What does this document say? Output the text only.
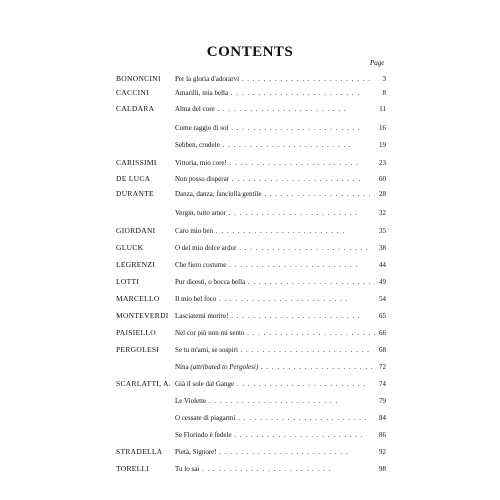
CONTENTS
Page
BONONCINI Per la gloria d'adorarvi . .	3
CACCINI	Amarilli, mia bella . .	8
CALDARA	Alma del core . .	11
Come raggio di sol . .	16
Sebben, crudele . .	19
CARISSIMI	Vittoria, mio core! . .	23
DE LUCA	Non posso disperar . .	60
DURANTE	Danza, danza, fanciulla gentile . .	28
Vergin, tutto amor . .	32
GIORDANI	Caro mio ben . .	35
GLUCK	O del mio dolce ardor . .	38
LEGRENZI	Che fiero costume . .	44
LOTTI	Pur dicesti, o bocca bella . .	49
MARCELLO Il mio bel foco . .	54
MONTEVERDI Lasciatemi morire! . .	65
PAISIELLO	Nel cor più non mi sento . .	66
PERGOLESI Se tu m'ami, se sospiri . .	68
Nina (attributed to Pergolesi) . .	72
SCARLATTI, A. Già il sole dal Gange . .	74
Le Violette . .	79
O cessate di piagarmi . .	84
Se Florindo è fedele . .	86
STRADELLA Pietà, Signore! . .	92
TORELLI	Tu lo sai . .	98
